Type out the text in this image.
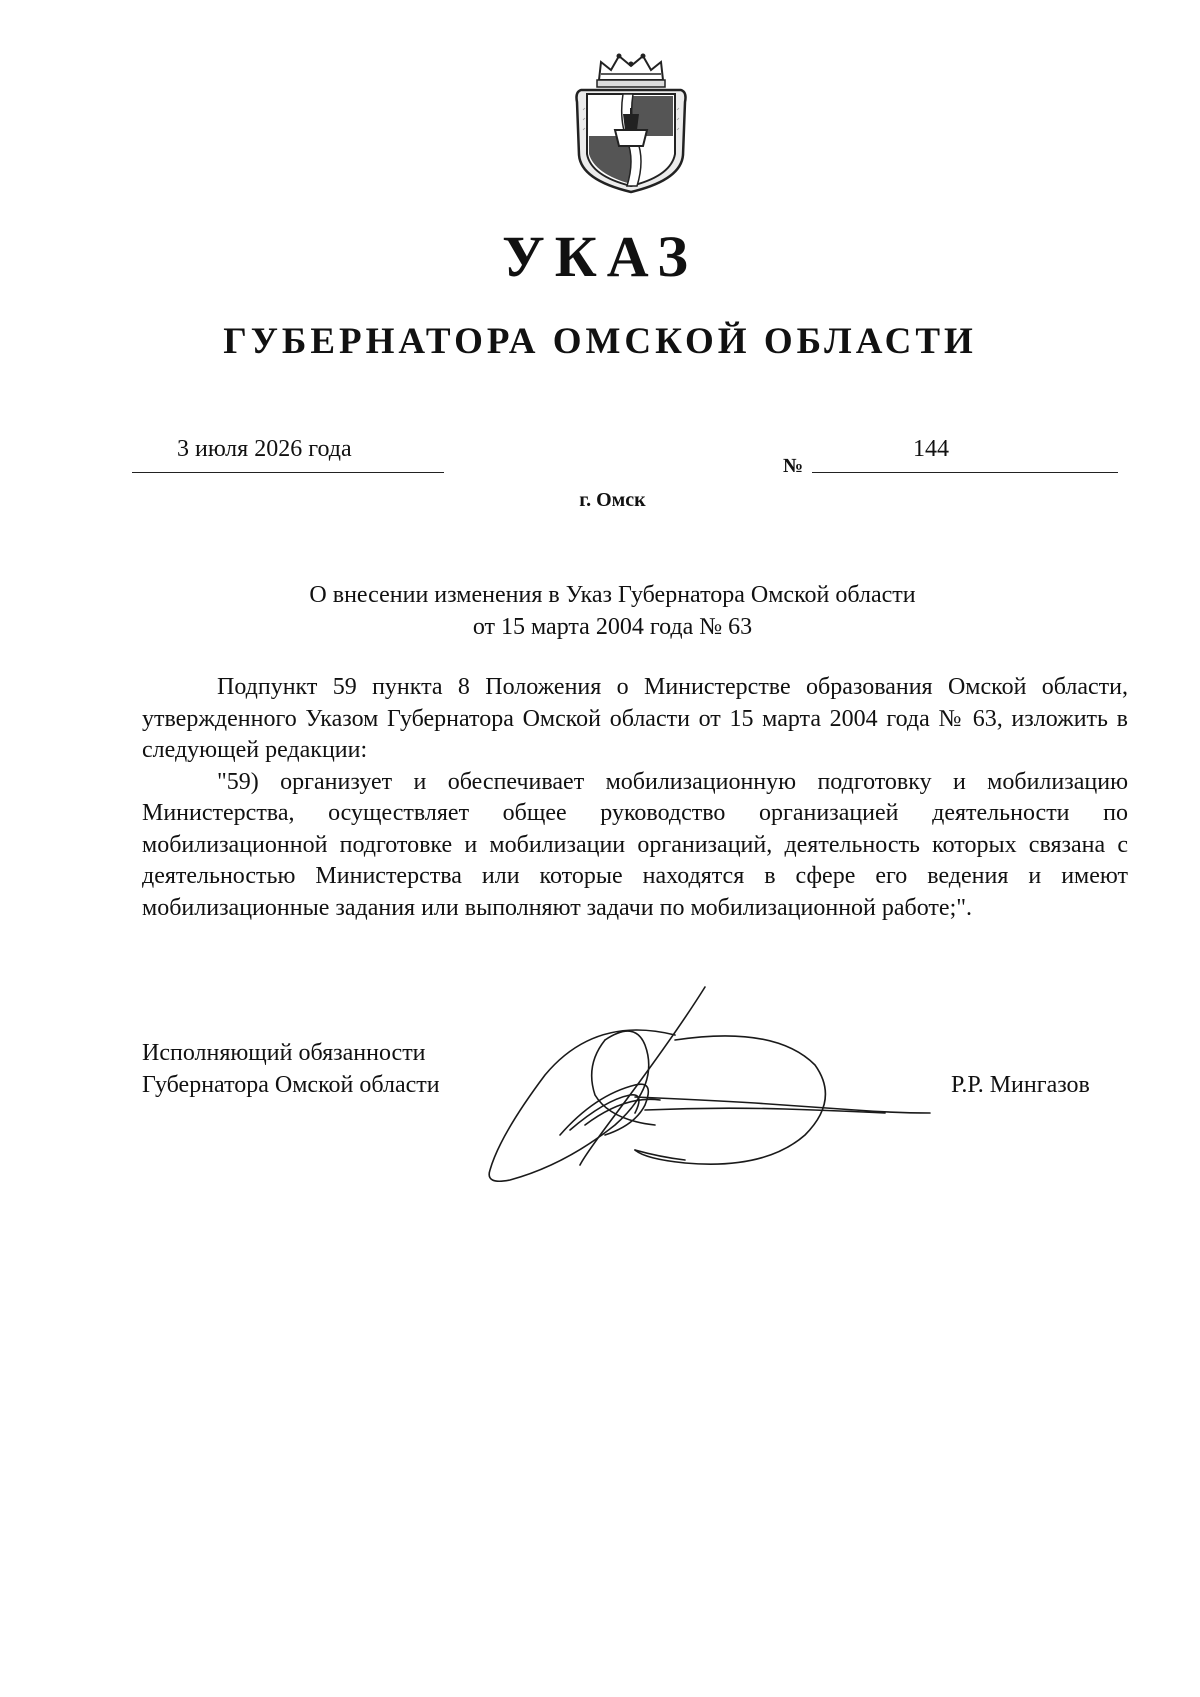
УКАЗ
ГУБЕРНАТОРА ОМСКОЙ ОБЛАСТИ
3 июля 2026 года
№
144
г. Омск
О внесении изменения в Указ Губернатора Омской области
от 15 марта 2004 года № 63

Подпункт 59 пункта 8 Положения о Министерстве образования Омской области, утвержденного Указом Губернатора Омской области от 15 марта 2004 года № 63, изложить в следующей редакции:

"59) организует и обеспечивает мобилизационную подготовку и мобилизацию Министерства, осуществляет общее руководство организацией деятельности по мобилизационной подготовке и мобилизации организаций, деятельность которых связана с деятельностью Министерства или которые находятся в сфере его ведения и имеют мобилизационные задания или выполняют задачи по мобилизационной работе;".

Исполняющий обязанности
Губернатора Омской области	Р.Р. Мингазов
